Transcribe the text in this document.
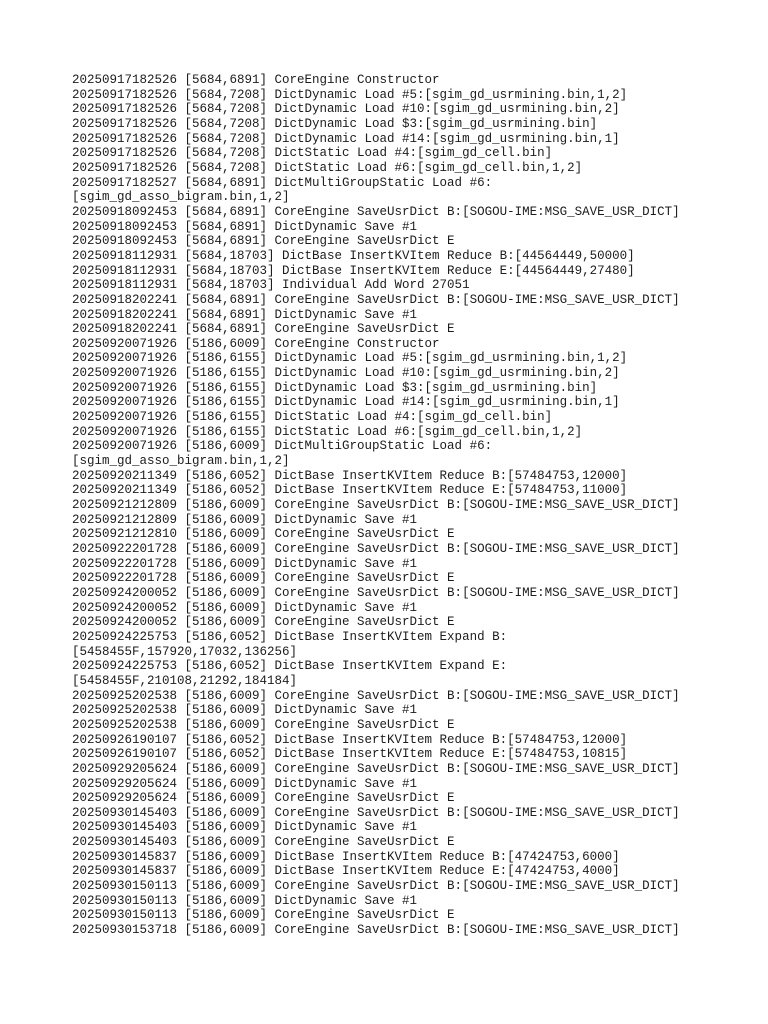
20250917182526 [5684,6891] CoreEngine Constructor
20250917182526 [5684,7208] DictDynamic Load #5:[sgim_gd_usrmining.bin,1,2]
20250917182526 [5684,7208] DictDynamic Load #10:[sgim_gd_usrmining.bin,2]
20250917182526 [5684,7208] DictDynamic Load $3:[sgim_gd_usrmining.bin]
20250917182526 [5684,7208] DictDynamic Load #14:[sgim_gd_usrmining.bin,1]
20250917182526 [5684,7208] DictStatic Load #4:[sgim_gd_cell.bin]
20250917182526 [5684,7208] DictStatic Load #6:[sgim_gd_cell.bin,1,2]
20250917182527 [5684,6891] DictMultiGroupStatic Load #6:
[sgim_gd_asso_bigram.bin,1,2]
20250918092453 [5684,6891] CoreEngine SaveUsrDict B:[SOGOU-IME:MSG_SAVE_USR_DICT]
20250918092453 [5684,6891] DictDynamic Save #1
20250918092453 [5684,6891] CoreEngine SaveUsrDict E
20250918112931 [5684,18703] DictBase InsertKVItem Reduce B:[44564449,50000]
20250918112931 [5684,18703] DictBase InsertKVItem Reduce E:[44564449,27480]
20250918112931 [5684,18703] Individual Add Word 27051
20250918202241 [5684,6891] CoreEngine SaveUsrDict B:[SOGOU-IME:MSG_SAVE_USR_DICT]
20250918202241 [5684,6891] DictDynamic Save #1
20250918202241 [5684,6891] CoreEngine SaveUsrDict E
20250920071926 [5186,6009] CoreEngine Constructor
20250920071926 [5186,6155] DictDynamic Load #5:[sgim_gd_usrmining.bin,1,2]
20250920071926 [5186,6155] DictDynamic Load #10:[sgim_gd_usrmining.bin,2]
20250920071926 [5186,6155] DictDynamic Load $3:[sgim_gd_usrmining.bin]
20250920071926 [5186,6155] DictDynamic Load #14:[sgim_gd_usrmining.bin,1]
20250920071926 [5186,6155] DictStatic Load #4:[sgim_gd_cell.bin]
20250920071926 [5186,6155] DictStatic Load #6:[sgim_gd_cell.bin,1,2]
20250920071926 [5186,6009] DictMultiGroupStatic Load #6:
[sgim_gd_asso_bigram.bin,1,2]
20250920211349 [5186,6052] DictBase InsertKVItem Reduce B:[57484753,12000]
20250920211349 [5186,6052] DictBase InsertKVItem Reduce E:[57484753,11000]
20250921212809 [5186,6009] CoreEngine SaveUsrDict B:[SOGOU-IME:MSG_SAVE_USR_DICT]
20250921212809 [5186,6009] DictDynamic Save #1
20250921212810 [5186,6009] CoreEngine SaveUsrDict E
20250922201728 [5186,6009] CoreEngine SaveUsrDict B:[SOGOU-IME:MSG_SAVE_USR_DICT]
20250922201728 [5186,6009] DictDynamic Save #1
20250922201728 [5186,6009] CoreEngine SaveUsrDict E
20250924200052 [5186,6009] CoreEngine SaveUsrDict B:[SOGOU-IME:MSG_SAVE_USR_DICT]
20250924200052 [5186,6009] DictDynamic Save #1
20250924200052 [5186,6009] CoreEngine SaveUsrDict E
20250924225753 [5186,6052] DictBase InsertKVItem Expand B:
[5458455F,157920,17032,136256]
20250924225753 [5186,6052] DictBase InsertKVItem Expand E:
[5458455F,210108,21292,184184]
20250925202538 [5186,6009] CoreEngine SaveUsrDict B:[SOGOU-IME:MSG_SAVE_USR_DICT]
20250925202538 [5186,6009] DictDynamic Save #1
20250925202538 [5186,6009] CoreEngine SaveUsrDict E
20250926190107 [5186,6052] DictBase InsertKVItem Reduce B:[57484753,12000]
20250926190107 [5186,6052] DictBase InsertKVItem Reduce E:[57484753,10815]
20250929205624 [5186,6009] CoreEngine SaveUsrDict B:[SOGOU-IME:MSG_SAVE_USR_DICT]
20250929205624 [5186,6009] DictDynamic Save #1
20250929205624 [5186,6009] CoreEngine SaveUsrDict E
20250930145403 [5186,6009] CoreEngine SaveUsrDict B:[SOGOU-IME:MSG_SAVE_USR_DICT]
20250930145403 [5186,6009] DictDynamic Save #1
20250930145403 [5186,6009] CoreEngine SaveUsrDict E
20250930145837 [5186,6009] DictBase InsertKVItem Reduce B:[47424753,6000]
20250930145837 [5186,6009] DictBase InsertKVItem Reduce E:[47424753,4000]
20250930150113 [5186,6009] CoreEngine SaveUsrDict B:[SOGOU-IME:MSG_SAVE_USR_DICT]
20250930150113 [5186,6009] DictDynamic Save #1
20250930150113 [5186,6009] CoreEngine SaveUsrDict E
20250930153718 [5186,6009] CoreEngine SaveUsrDict B:[SOGOU-IME:MSG_SAVE_USR_DICT]
